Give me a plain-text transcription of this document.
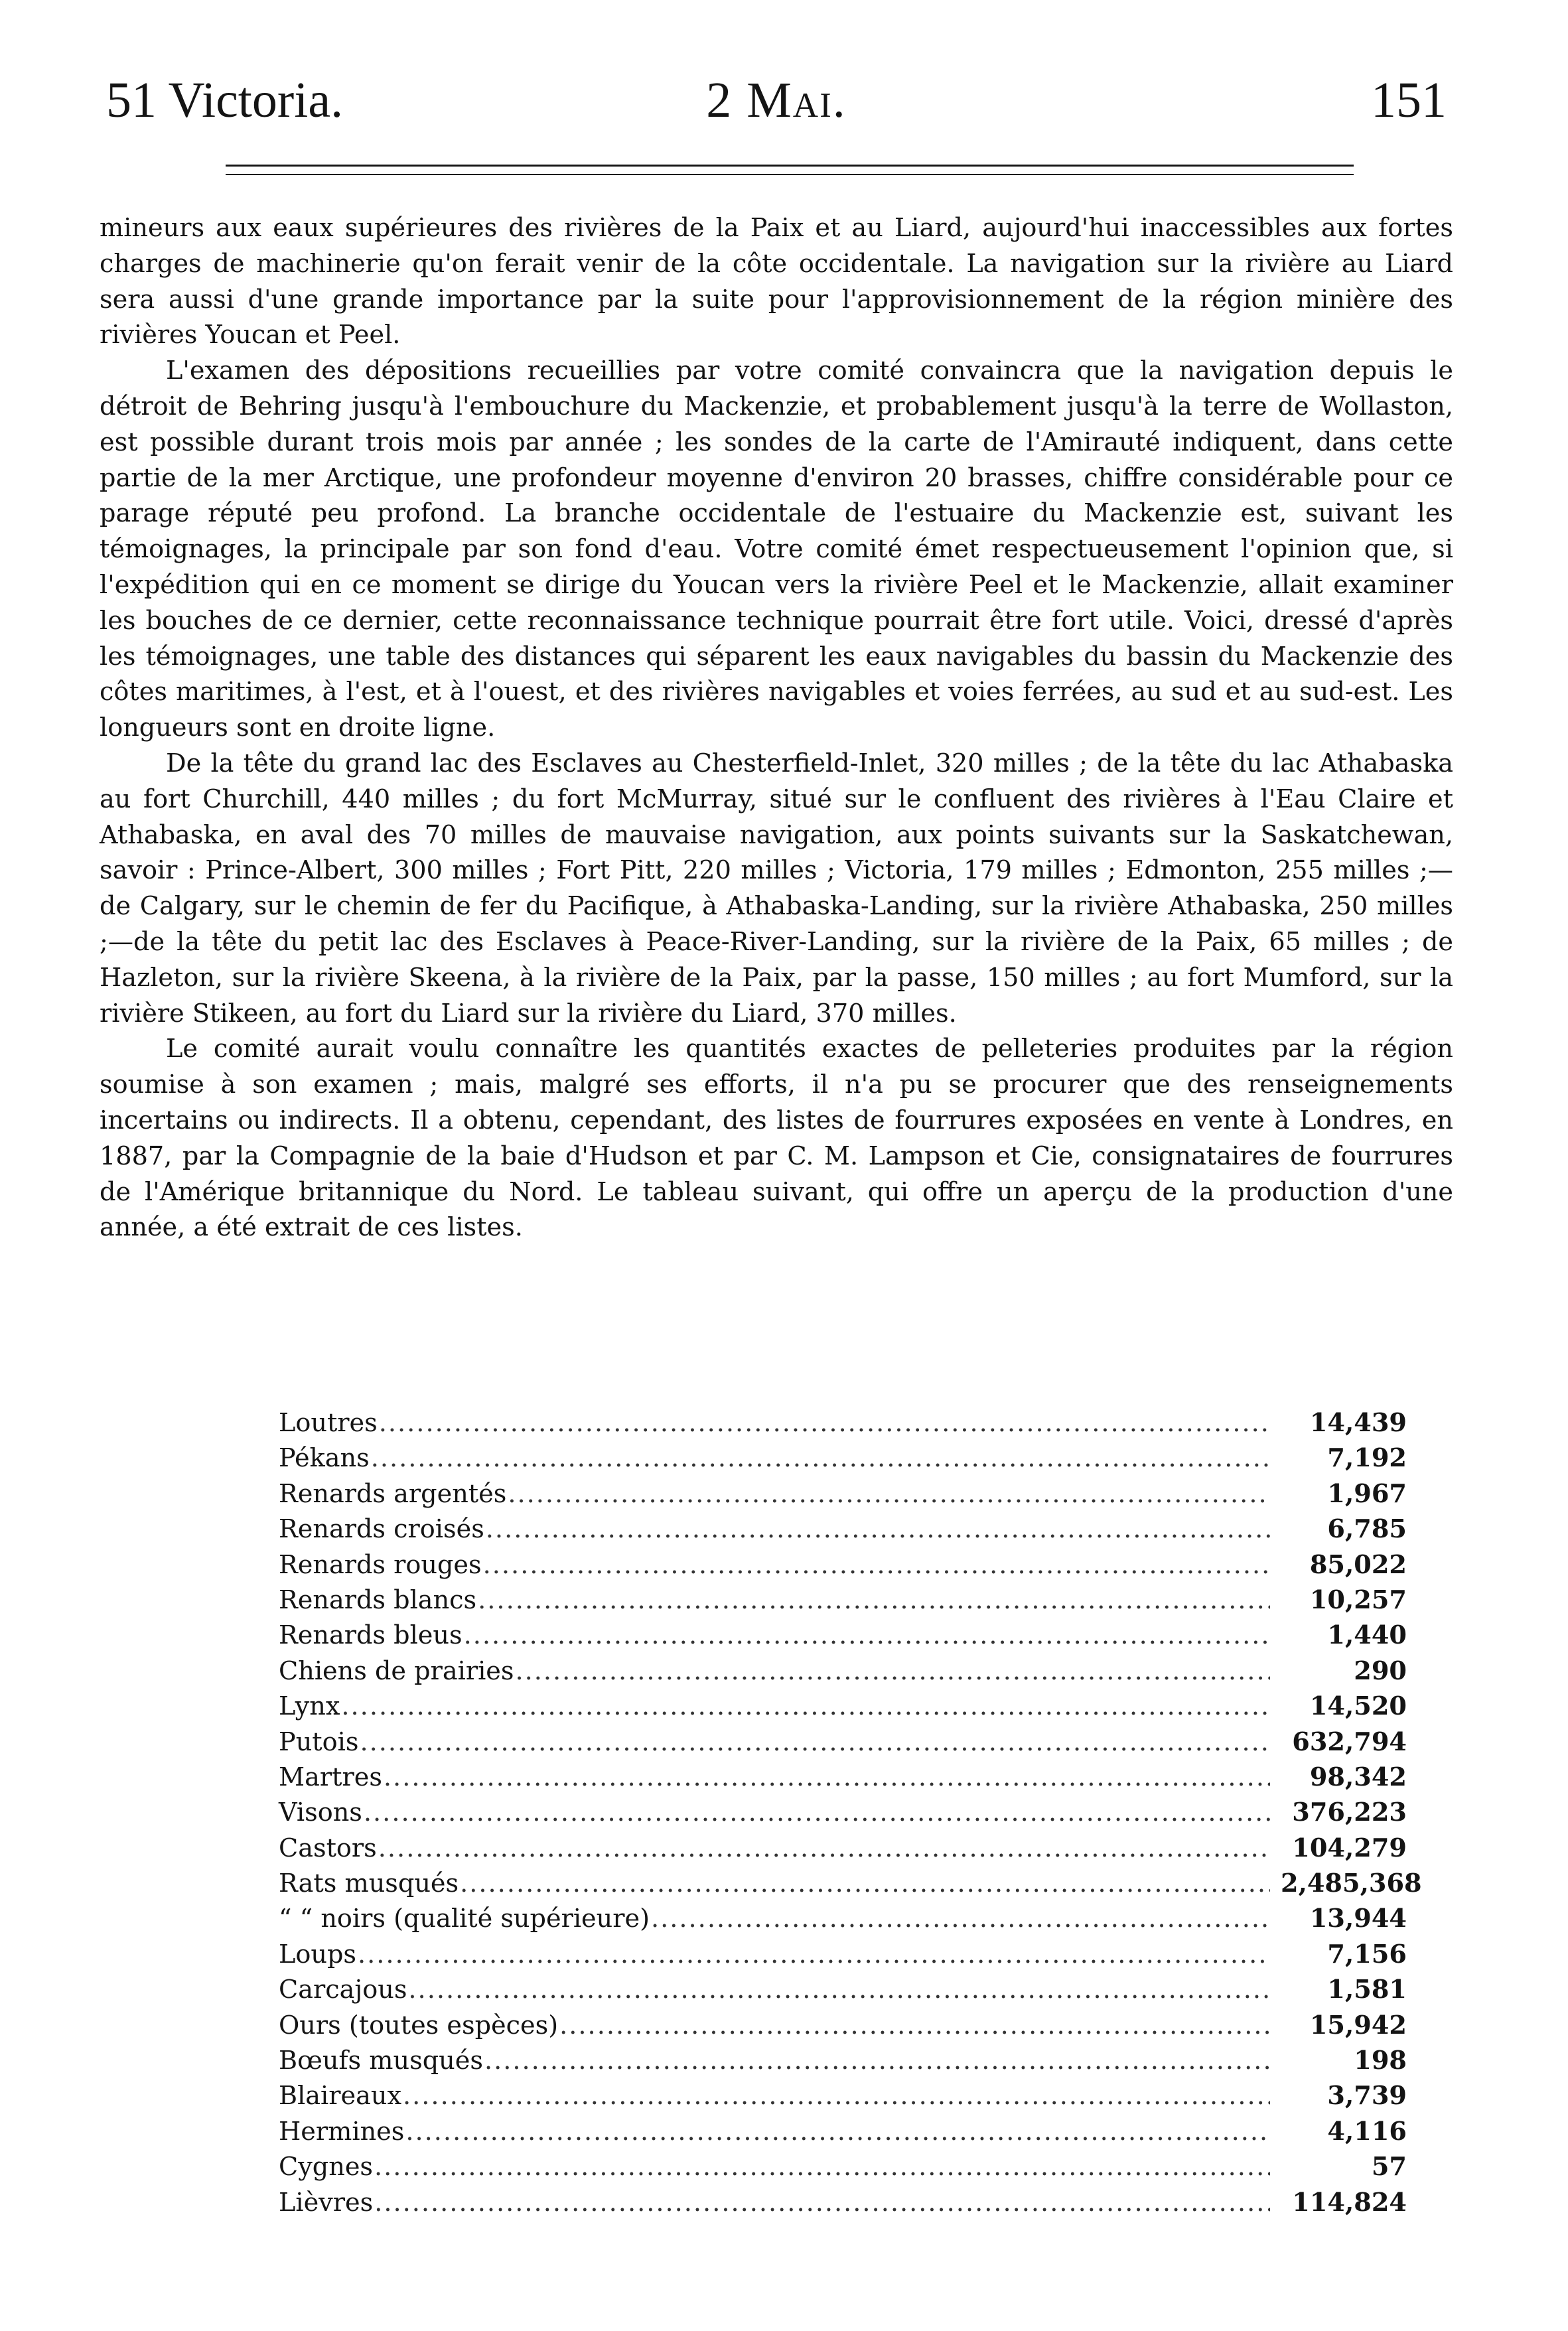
51 Victoria.	2 Mai.	151

mineurs aux eaux supérieures des rivières de la Paix et au Liard, aujourd'hui inaccessibles aux fortes charges de machinerie qu'on ferait venir de la côte occidentale. La navigation sur la rivière au Liard sera aussi d'une grande importance par la suite pour l'approvisionnement de la région minière des rivières Youcan et Peel.

L'examen des dépositions recueillies par votre comité convaincra que la navigation depuis le détroit de Behring jusqu'à l'embouchure du Mackenzie, et probablement jusqu'à la terre de Wollaston, est possible durant trois mois par année ; les sondes de la carte de l'Amirauté indiquent, dans cette partie de la mer Arctique, une profondeur moyenne d'environ 20 brasses, chiffre considérable pour ce parage réputé peu profond. La branche occidentale de l'estuaire du Mackenzie est, suivant les témoignages, la principale par son fond d'eau. Votre comité émet respectueusement l'opinion que, si l'expédition qui en ce moment se dirige du Youcan vers la rivière Peel et le Mackenzie, allait examiner les bouches de ce dernier, cette reconnaissance technique pourrait être fort utile. Voici, dressé d'après les témoignages, une table des distances qui séparent les eaux navigables du bassin du Mackenzie des côtes maritimes, à l'est, et à l'ouest, et des rivières navigables et voies ferrées, au sud et au sud-est. Les longueurs sont en droite ligne.

De la tête du grand lac des Esclaves au Chesterfield-Inlet, 320 milles ; de la tête du lac Athabaska au fort Churchill, 440 milles ; du fort McMurray, situé sur le confluent des rivières à l'Eau Claire et Athabaska, en aval des 70 milles de mauvaise navigation, aux points suivants sur la Saskatchewan, savoir : Prince-Albert, 300 milles ; Fort Pitt, 220 milles ; Victoria, 179 milles ; Edmonton, 255 milles ;—de Calgary, sur le chemin de fer du Pacifique, à Athabaska-Landing, sur la rivière Athabaska, 250 milles ;—de la tête du petit lac des Esclaves à Peace-River-Landing, sur la rivière de la Paix, 65 milles ; de Hazleton, sur la rivière Skeena, à la rivière de la Paix, par la passe, 150 milles ; au fort Mumford, sur la rivière Stikeen, au fort du Liard sur la rivière du Liard, 370 milles.

Le comité aurait voulu connaître les quantités exactes de pelleteries produites par la région soumise à son examen ; mais, malgré ses efforts, il n'a pu se procurer que des renseignements incertains ou indirects. Il a obtenu, cependant, des listes de fourrures exposées en vente à Londres, en 1887, par la Compagnie de la baie d'Hudson et par C. M. Lampson et Cie, consignataires de fourrures de l'Amérique britannique du Nord. Le tableau suivant, qui offre un aperçu de la production d'une année, a été extrait de ces listes.

Loutres .....	14,439
Pékans .....	7,192
Renards argentés .....	1,967
Renards croisés .....	6,785
Renards rouges .....	85,022
Renards blancs .....	10,257
Renards bleus .....	1,440
Chiens de prairies .....	290
Lynx .....	14,520
Putois .....	632,794
Martres .....	98,342
Visons .....	376,223
Castors .....	104,279
Rats musqués .....	2,485,368
“ “ noirs (qualité supérieure) .....	13,944
Loups .....	7,156
Carcajous .....	1,581
Ours (toutes espèces) .....	15,942
Bœufs musqués .....	198
Blaireaux .....	3,739
Hermines .....	4,116
Cygnes .....	57
Lièvres .....	114,824
